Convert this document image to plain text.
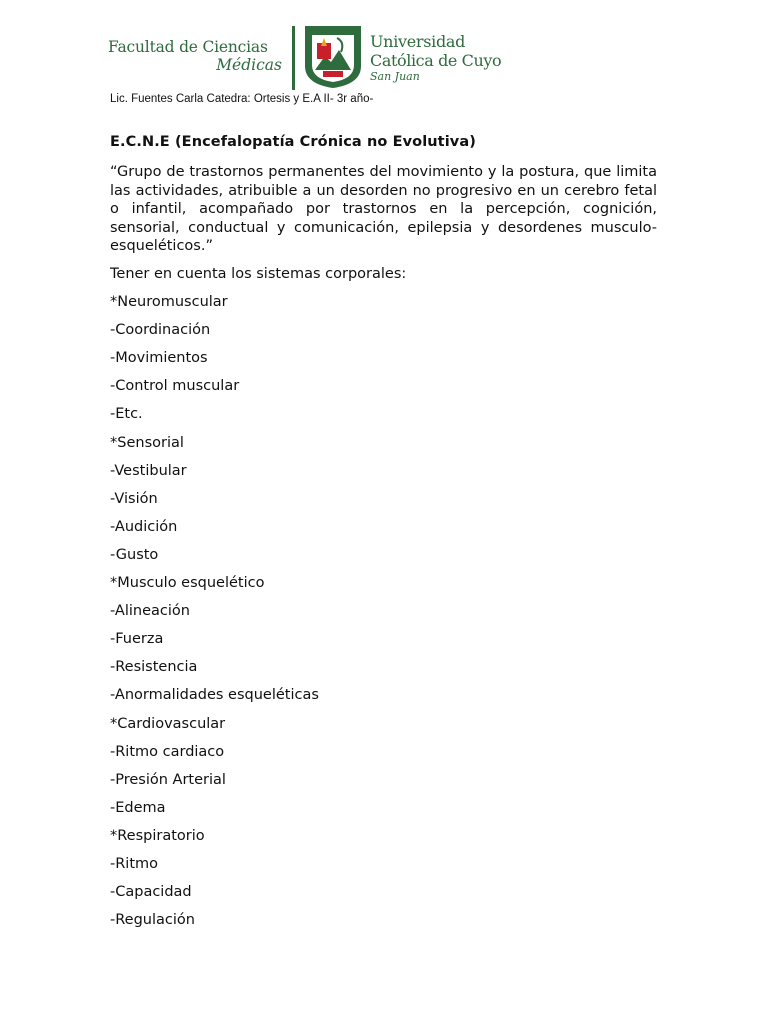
Facultad de Ciencias
Médicas
Universidad
Católica de Cuyo
San Juan
Lic. Fuentes Carla Catedra: Ortesis y E.A II- 3r año-
E.C.N.E (Encefalopatía Crónica no Evolutiva)
“Grupo de trastornos permanentes del movimiento y la postura, que limita las actividades, atribuible a un desorden no progresivo en un cerebro fetal o infantil, acompañado por trastornos en la percepción, cognición, sensorial, conductual y comunicación, epilepsia y desordenes musculo-esqueléticos.”
Tener en cuenta los sistemas corporales:
*Neuromuscular
-Coordinación
-Movimientos
-Control muscular
-Etc.
*Sensorial
-Vestibular
-Visión
-Audición
-Gusto
*Musculo esquelético
-Alineación
-Fuerza
-Resistencia
-Anormalidades esqueléticas
*Cardiovascular
-Ritmo cardiaco
-Presión Arterial
-Edema
*Respiratorio
-Ritmo
-Capacidad
-Regulación
